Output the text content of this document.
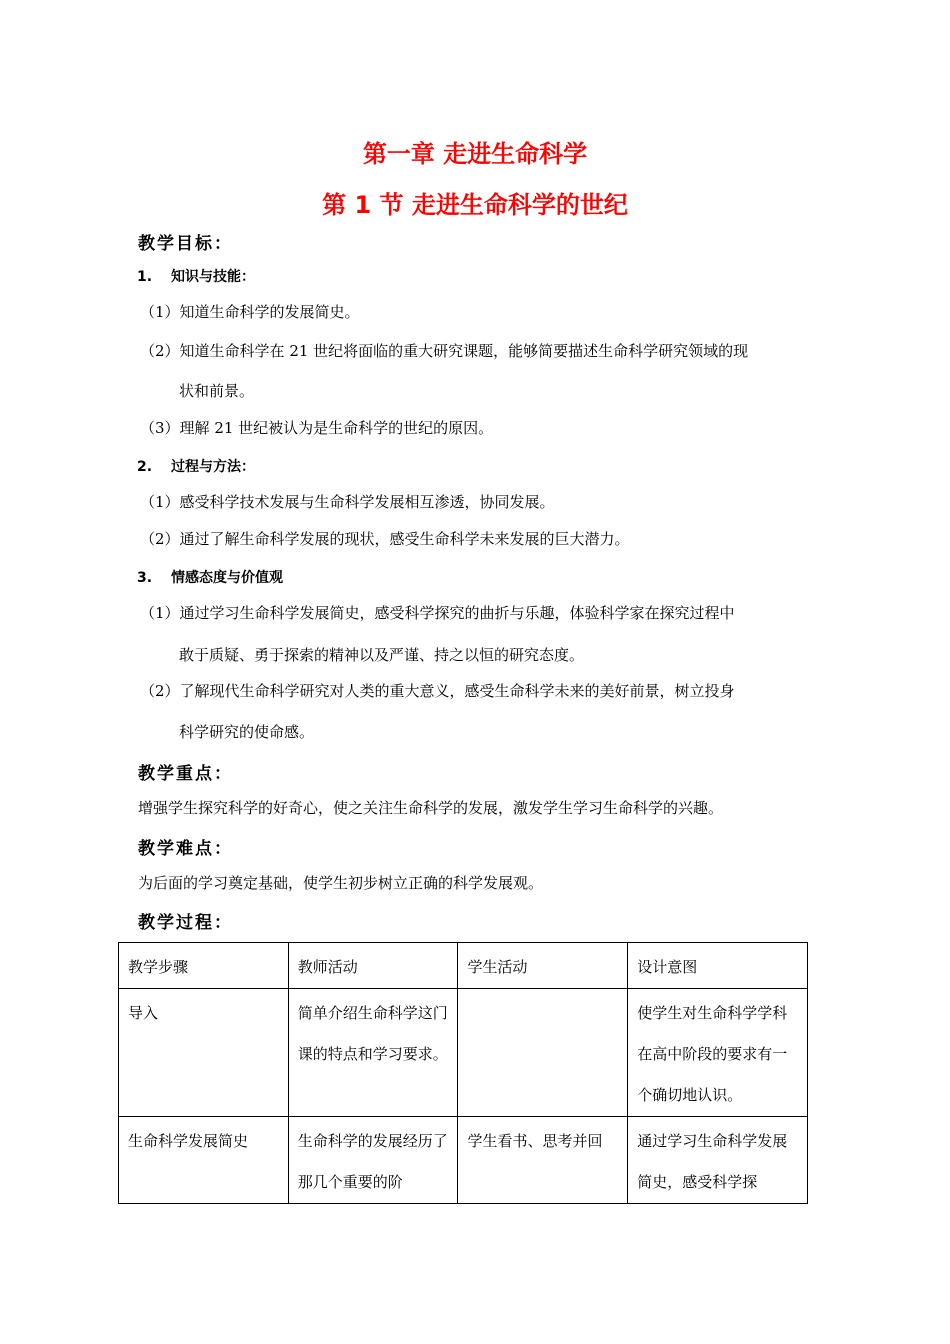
第一章 走进生命科学
第 1 节 走进生命科学的世纪
教学目标：
1. 知识与技能：
（1）知道生命科学的发展简史。
（2）知道生命科学在 21 世纪将面临的重大研究课题，能够简要描述生命科学研究领域的现
状和前景。
（3）理解 21 世纪被认为是生命科学的世纪的原因。
2. 过程与方法：
（1）感受科学技术发展与生命科学发展相互渗透，协同发展。
（2）通过了解生命科学发展的现状，感受生命科学未来发展的巨大潜力。
3. 情感态度与价值观
（1）通过学习生命科学发展简史，感受科学探究的曲折与乐趣，体验科学家在探究过程中
敢于质疑、勇于探索的精神以及严谨、持之以恒的研究态度。
（2）了解现代生命科学研究对人类的重大意义，感受生命科学未来的美好前景，树立投身
科学研究的使命感。
教学重点：
增强学生探究科学的好奇心，使之关注生命科学的发展，激发学生学习生命科学的兴趣。
教学难点：
为后面的学习奠定基础，使学生初步树立正确的科学发展观。
教学过程：
教学步骤	教师活动	学生活动	设计意图

导入	简单介绍生命科学这门课的特点和学习要求。		使学生对生命科学学科在高中阶段的要求有一个确切地认识。

生命科学发展简史	生命科学的发展经历了那几个重要的阶	学生看书、思考并回	通过学习生命科学发展简史，感受科学探
